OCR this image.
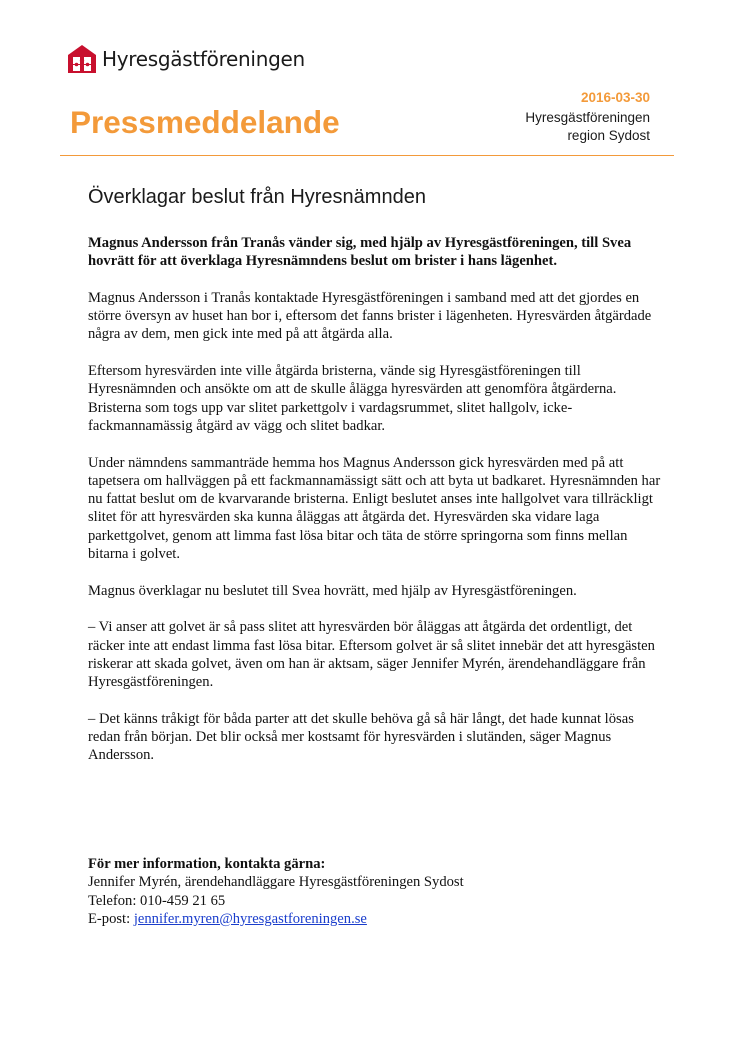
Hyresgästföreningen
2016-03-30
Pressmeddelande	Hyresgästföreningen
region Sydost
Överklagar beslut från Hyresnämnden

Magnus Andersson från Tranås vänder sig, med hjälp av Hyresgästföreningen, till Svea hovrätt för att överklaga Hyresnämndens beslut om brister i hans lägenhet.

Magnus Andersson i Tranås kontaktade Hyresgästföreningen i samband med att det gjordes en större översyn av huset han bor i, eftersom det fanns brister i lägenheten. Hyresvärden åtgärdade några av dem, men gick inte med på att åtgärda alla.

Eftersom hyresvärden inte ville åtgärda bristerna, vände sig Hyresgästföreningen till Hyresnämnden och ansökte om att de skulle ålägga hyresvärden att genomföra åtgärderna. Bristerna som togs upp var slitet parkettgolv i vardagsrummet, slitet hallgolv, icke-fackmannamässig åtgärd av vägg och slitet badkar.

Under nämndens sammanträde hemma hos Magnus Andersson gick hyresvärden med på att tapetsera om hallväggen på ett fackmannamässigt sätt och att byta ut badkaret. Hyresnämnden har nu fattat beslut om de kvarvarande bristerna. Enligt beslutet anses inte hallgolvet vara tillräckligt slitet för att hyresvärden ska kunna åläggas att åtgärda det. Hyresvärden ska vidare laga parkettgolvet, genom att limma fast lösa bitar och täta de större springorna som finns mellan bitarna i golvet.

Magnus överklagar nu beslutet till Svea hovrätt, med hjälp av Hyresgästföreningen.

– Vi anser att golvet är så pass slitet att hyresvärden bör åläggas att åtgärda det ordentligt, det räcker inte att endast limma fast lösa bitar. Eftersom golvet är så slitet innebär det att hyresgästen riskerar att skada golvet, även om han är aktsam, säger Jennifer Myrén, ärendehandläggare från Hyresgästföreningen.

– Det känns tråkigt för båda parter att det skulle behöva gå så här långt, det hade kunnat lösas redan från början. Det blir också mer kostsamt för hyresvärden i slutänden, säger Magnus Andersson.

För mer information, kontakta gärna:
Jennifer Myrén, ärendehandläggare Hyresgästföreningen Sydost
Telefon: 010-459 21 65
E-post: jennifer.myren@hyresgastforeningen.se
